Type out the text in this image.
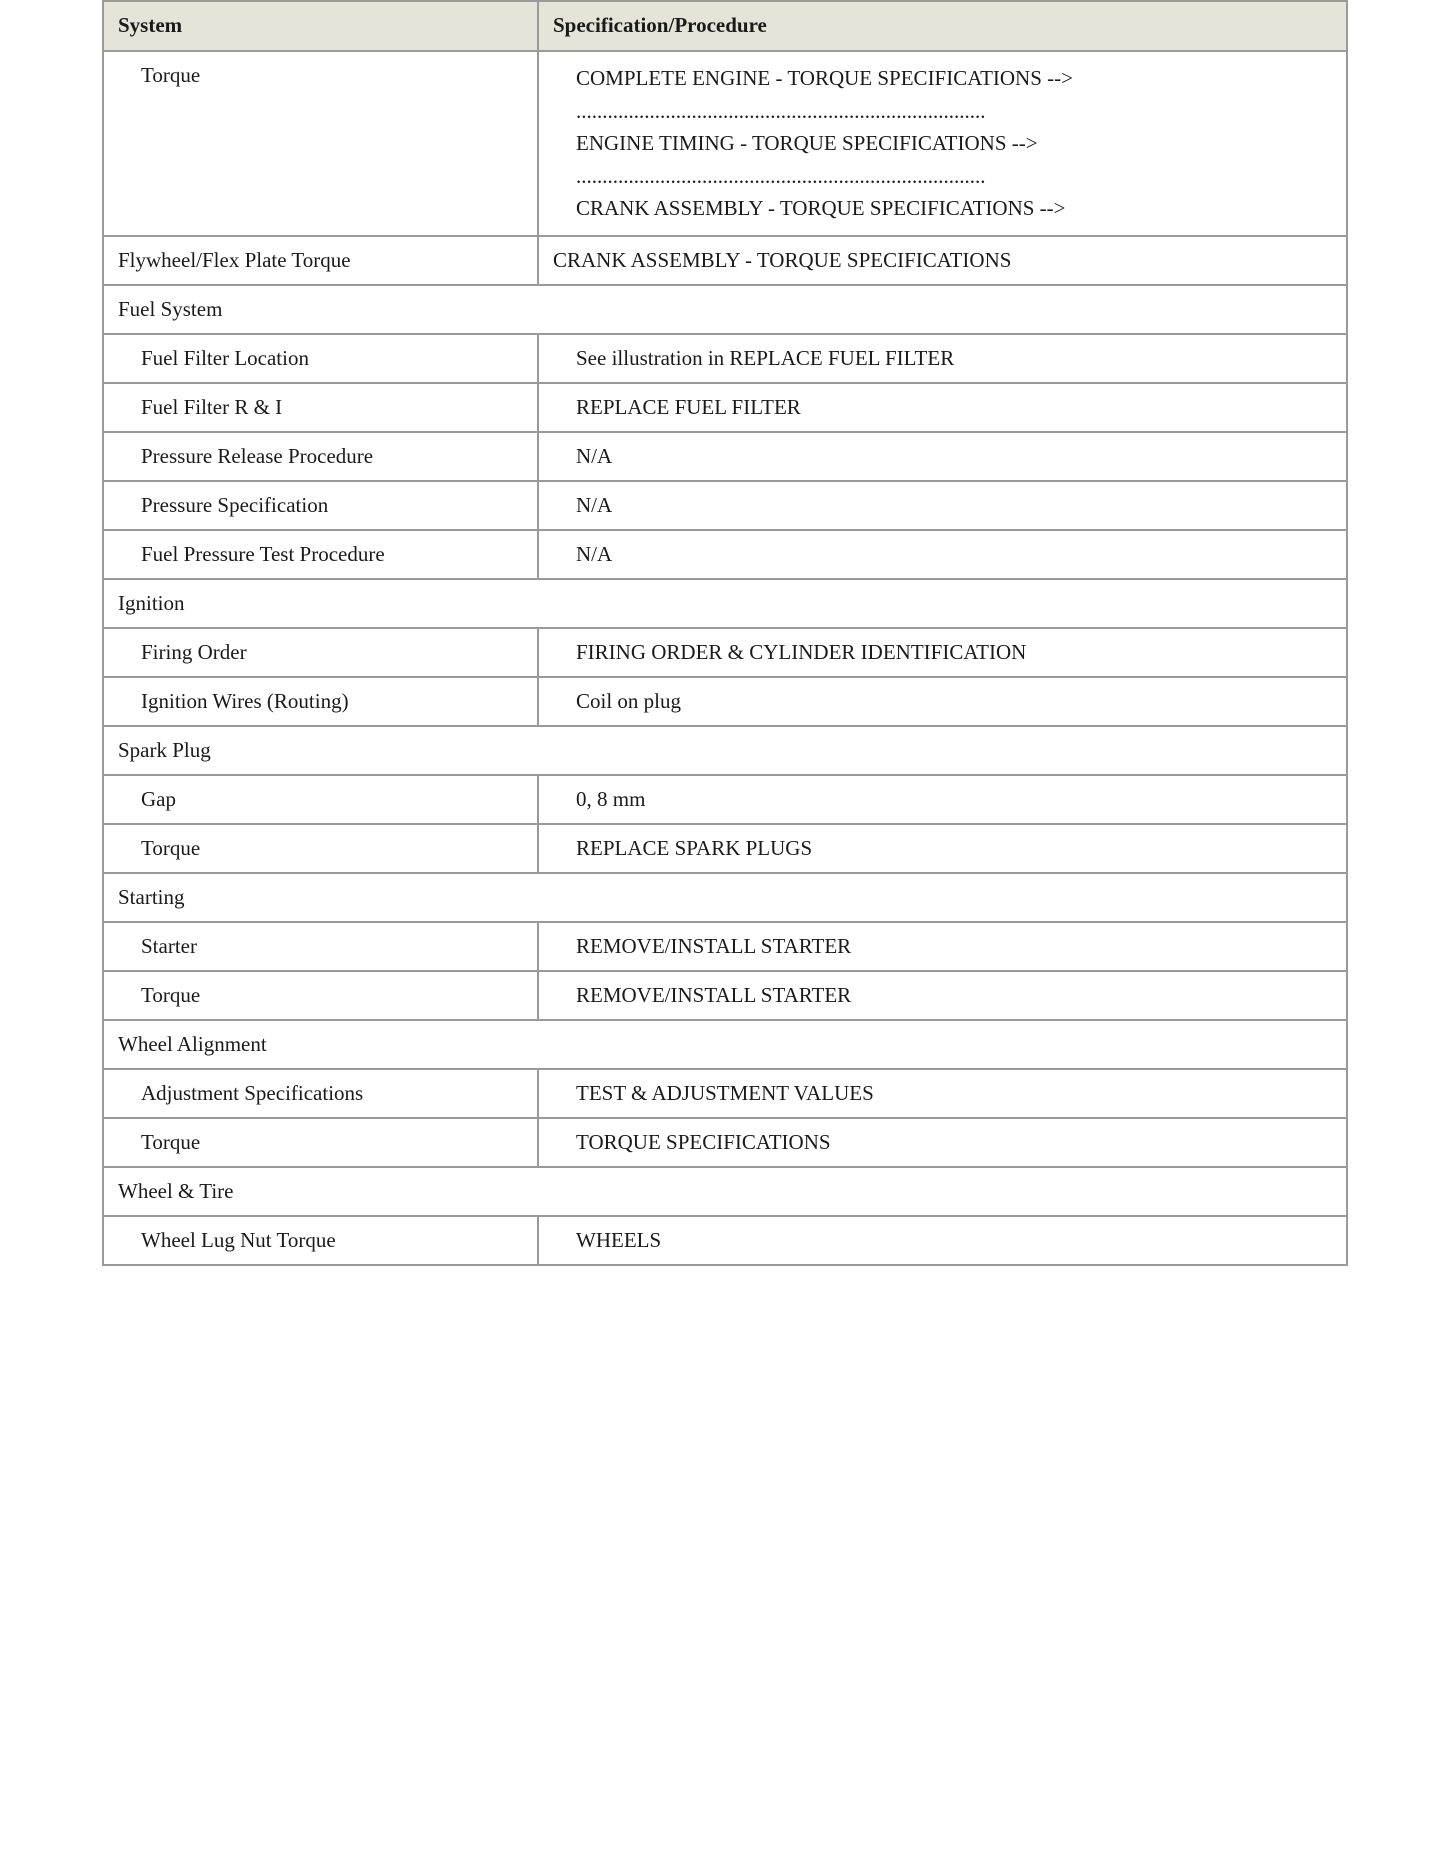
System	Specification/Procedure
Torque	COMPLETE ENGINE - TORQUE SPECIFICATIONS -->
..............................................................................
ENGINE TIMING - TORQUE SPECIFICATIONS -->
..............................................................................
CRANK ASSEMBLY - TORQUE SPECIFICATIONS -->

Flywheel/Flex Plate Torque	CRANK ASSEMBLY - TORQUE SPECIFICATIONS
Fuel System	
Fuel Filter Location	See illustration in REPLACE FUEL FILTER
Fuel Filter R & I	REPLACE FUEL FILTER
Pressure Release Procedure	N/A
Pressure Specification	N/A
Fuel Pressure Test Procedure	N/A
Ignition	
Firing Order	FIRING ORDER & CYLINDER IDENTIFICATION
Ignition Wires (Routing)	Coil on plug
Spark Plug	
Gap	0, 8 mm
Torque	REPLACE SPARK PLUGS
Starting	
Starter	REMOVE/INSTALL STARTER
Torque	REMOVE/INSTALL STARTER
Wheel Alignment	
Adjustment Specifications	TEST & ADJUSTMENT VALUES
Torque	TORQUE SPECIFICATIONS
Wheel & Tire	
Wheel Lug Nut Torque	WHEELS
